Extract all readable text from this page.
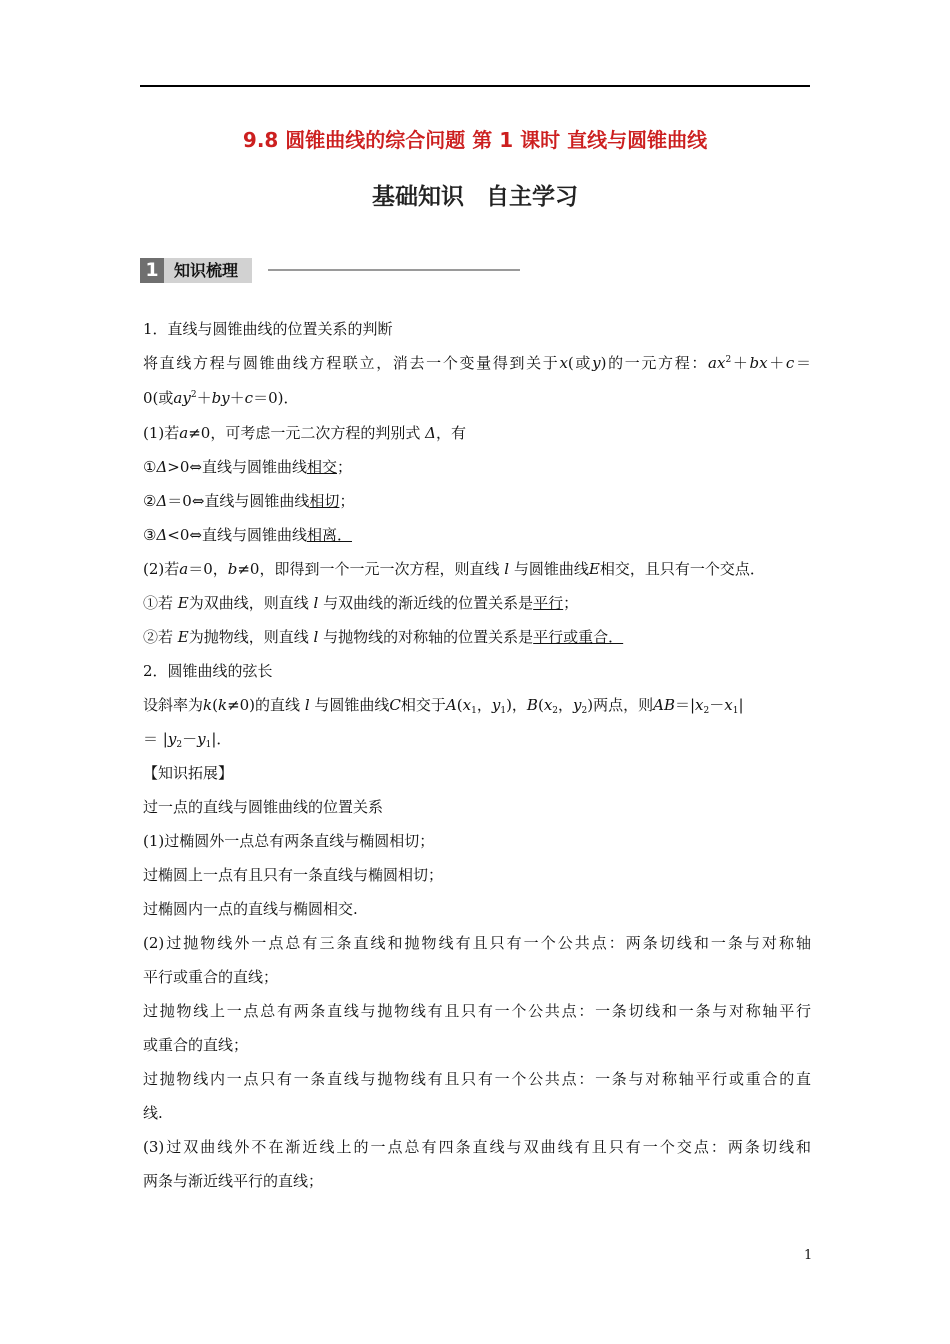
9.8 圆锥曲线的综合问题 第 1 课时 直线与圆锥曲线
基础知识 自主学习
1 知识梳理
1．直线与圆锥曲线的位置关系的判断
将直线方程与圆锥曲线方程联立，消去一个变量得到关于x(或y)的一元方程：$ax^2+bx+c=$
0(或$ay^2+by+c=0$)．
(1)若a≠0，可考虑一元二次方程的判别式 Δ，有
①Δ>0⇔直线与圆锥曲线相交；
②Δ＝0⇔直线与圆锥曲线相切；
③Δ<0⇔直线与圆锥曲线相离．
(2)若a＝0，b≠0，即得到一个一元一次方程，则直线 l 与圆锥曲线E相交，且只有一个交点．
①若 E为双曲线，则直线 l 与双曲线的渐近线的位置关系是平行；
②若 E为抛物线，则直线 l 与抛物线的对称轴的位置关系是平行或重合．
2．圆锥曲线的弦长
设斜率为k(k≠0)的直线 l 与圆锥曲线C相交于$A(x_1$，$y_1$)，$B(x_2$，$y_2$)两点，则$AB=|x_2-x_1|$
＝ $|y_2-y_1|$．
【知识拓展】
过一点的直线与圆锥曲线的位置关系
(1)过椭圆外一点总有两条直线与椭圆相切；
过椭圆上一点有且只有一条直线与椭圆相切；
过椭圆内一点的直线与椭圆相交.
(2)过抛物线外一点总有三条直线和抛物线有且只有一个公共点：两条切线和一条与对称轴
平行或重合的直线；
过抛物线上一点总有两条直线与抛物线有且只有一个公共点：一条切线和一条与对称轴平行
或重合的直线；
过抛物线内一点只有一条直线与抛物线有且只有一个公共点：一条与对称轴平行或重合的直
线.
(3)过双曲线外不在渐近线上的一点总有四条直线与双曲线有且只有一个交点：两条切线和
两条与渐近线平行的直线；
1
